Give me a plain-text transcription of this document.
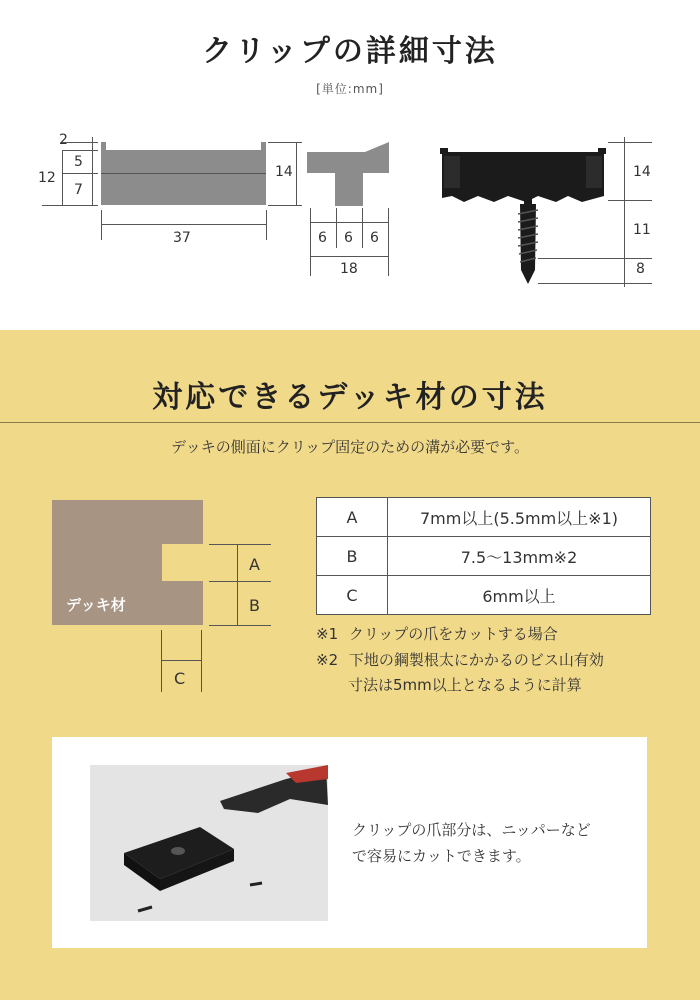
クリップの詳細寸法
[単位:mm]
2
5
7
12
37
14
6 6 6
18
14
11
8
対応できるデッキ材の寸法
デッキの側面にクリップ固定のための溝が必要です。
デッキ材
A
B
C
A	7mm以上(5.5mm以上※1)
B	7.5～13mm※2
C	6mm以上
※1 クリップの爪をカットする場合
※2 下地の鋼製根太にかかるのビス山有効
寸法は5mm以上となるように計算
クリップの爪部分は、ニッパーなど
で容易にカットできます。
